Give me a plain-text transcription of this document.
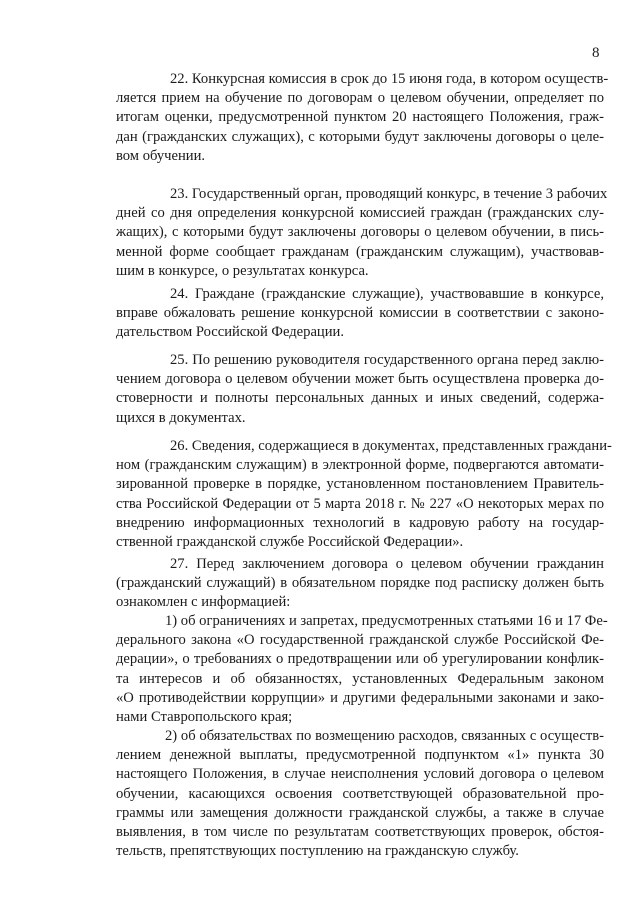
8
22. Конкурсная комиссия в срок до 15 июня года, в котором осуществ-
ляется прием на обучение по договорам о целевом обучении, определяет по
итогам оценки, предусмотренной пунктом 20 настоящего Положения, граж-
дан (гражданских служащих), с которыми будут заключены договоры о целе-
вом обучении.
23. Государственный орган, проводящий конкурс, в течение 3 рабочих
дней со дня определения конкурсной комиссией граждан (гражданских слу-
жащих), с которыми будут заключены договоры о целевом обучении, в пись-
менной форме сообщает гражданам (гражданским служащим), участвовав-
шим в конкурсе, о результатах конкурса.
24. Граждане (гражданские служащие), участвовавшие в конкурсе,
вправе обжаловать решение конкурсной комиссии в соответствии с законо-
дательством Российской Федерации.
25. По решению руководителя государственного органа перед заклю-
чением договора о целевом обучении может быть осуществлена проверка до-
стоверности и полноты персональных данных и иных сведений, содержа-
щихся в документах.
26. Сведения, содержащиеся в документах, представленных граждани-
ном (гражданским служащим) в электронной форме, подвергаются автомати-
зированной проверке в порядке, установленном постановлением Правитель-
ства Российской Федерации от 5 марта 2018 г. № 227 «О некоторых мерах по
внедрению информационных технологий в кадровую работу на государ-
ственной гражданской службе Российской Федерации».
27. Перед заключением договора о целевом обучении гражданин
(гражданский служащий) в обязательном порядке под расписку должен быть
ознакомлен с информацией:
1) об ограничениях и запретах, предусмотренных статьями 16 и 17 Фе-
дерального закона «О государственной гражданской службе Российской Фе-
дерации», о требованиях о предотвращении или об урегулировании конфлик-
та интересов и об обязанностях, установленных Федеральным законом
«О противодействии коррупции» и другими федеральными законами и зако-
нами Ставропольского края;
2) об обязательствах по возмещению расходов, связанных с осуществ-
лением денежной выплаты, предусмотренной подпунктом «1» пункта 30
настоящего Положения, в случае неисполнения условий договора о целевом
обучении, касающихся освоения соответствующей образовательной про-
граммы или замещения должности гражданской службы, а также в случае
выявления, в том числе по результатам соответствующих проверок, обстоя-
тельств, препятствующих поступлению на гражданскую службу.
